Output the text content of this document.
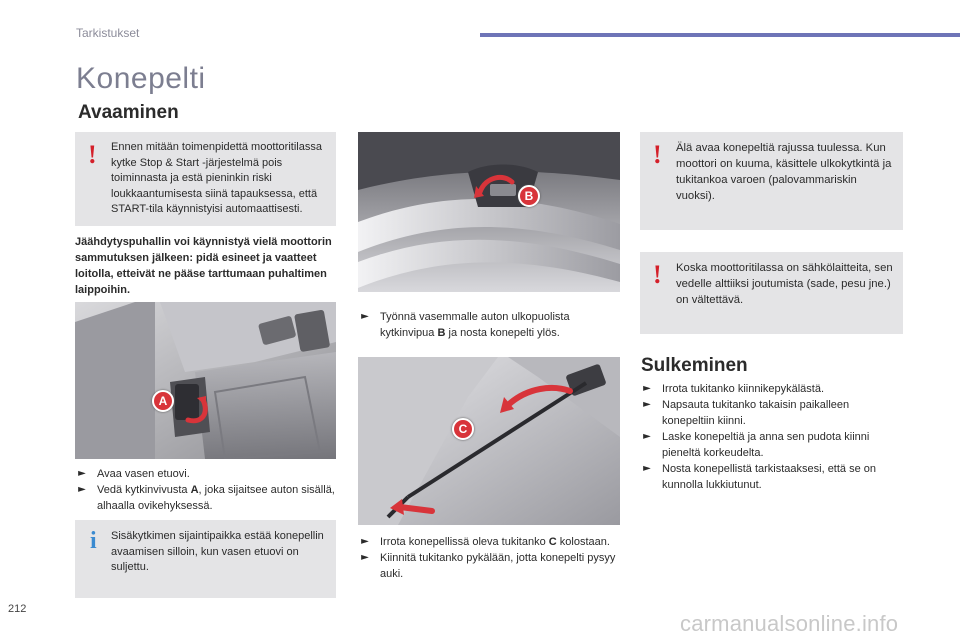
Tarkistukset
Konepelti
Avaaminen
! Ennen mitään toimenpidettä moottoritilassa kytke Stop & Start -järjestelmä pois toiminnasta ja estä pieninkin riski loukkaantumisesta siinä tapauksessa, että START-tila käynnistyisi automaattisesti.

Jäähdytyspuhallin voi käynnistyä vielä moottorin sammutuksen jälkeen: pidä esineet ja vaatteet loitolla, etteivät ne pääse tarttumaan puhaltimen laippoihin.

A
► Avaa vasen etuovi.
► Vedä kytkinvivusta A, joka sijaitsee auton sisällä, alhaalla ovikehyksessä.
i Sisäkytkimen sijaintipaikka estää konepellin avaamisen silloin, kun vasen etuovi on suljettu.

B
► Työnnä vasemmalle auton ulkopuolista kytkinvipua B ja nosta konepelti ylös.
C
► Irrota konepellissä oleva tukitanko C kolostaan.
► Kiinnitä tukitanko pykälään, jotta konepelti pysyy auki.
! Älä avaa konepeltiä rajussa tuulessa. Kun moottori on kuuma, käsittele ulkokytkintä ja tukitankoa varoen (palovammariskin vuoksi).

! Koska moottoritilassa on sähkölaitteita, sen vedelle alttiiksi joutumista (sade, pesu jne.) on vältettävä.

Sulkeminen
► Irrota tukitanko kiinnikepykälästä.
► Napsauta tukitanko takaisin paikalleen konepeltiin kiinni.
► Laske konepeltiä ja anna sen pudota kiinni pieneltä korkeudelta.
► Nosta konepellistä tarkistaaksesi, että se on kunnolla lukkiutunut.
212
carmanualsonline.info
